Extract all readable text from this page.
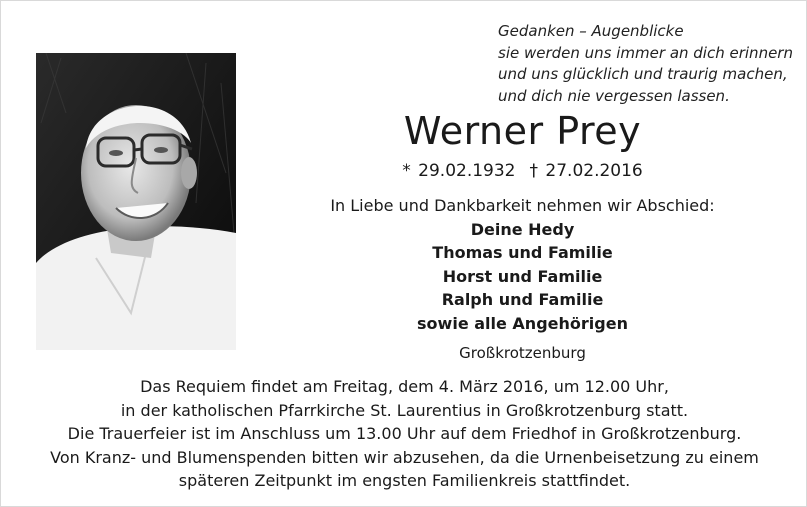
Gedanken – Augenblicke
sie werden uns immer an dich erinnern
und uns glücklich und traurig machen,
und dich nie vergessen lassen.
Werner Prey
* 29.02.1932 † 27.02.2016
In Liebe und Dankbarkeit nehmen wir Abschied:
Deine Hedy
Thomas und Familie
Horst und Familie
Ralph und Familie
sowie alle Angehörigen
Großkrotzenburg
Das Requiem findet am Freitag, dem 4. März 2016, um 12.00 Uhr,
in der katholischen Pfarrkirche St. Laurentius in Großkrotzenburg statt.
Die Trauerfeier ist im Anschluss um 13.00 Uhr auf dem Friedhof in Großkrotzenburg.
Von Kranz- und Blumenspenden bitten wir abzusehen, da die Urnenbeisetzung zu einem
späteren Zeitpunkt im engsten Familienkreis stattfindet.
